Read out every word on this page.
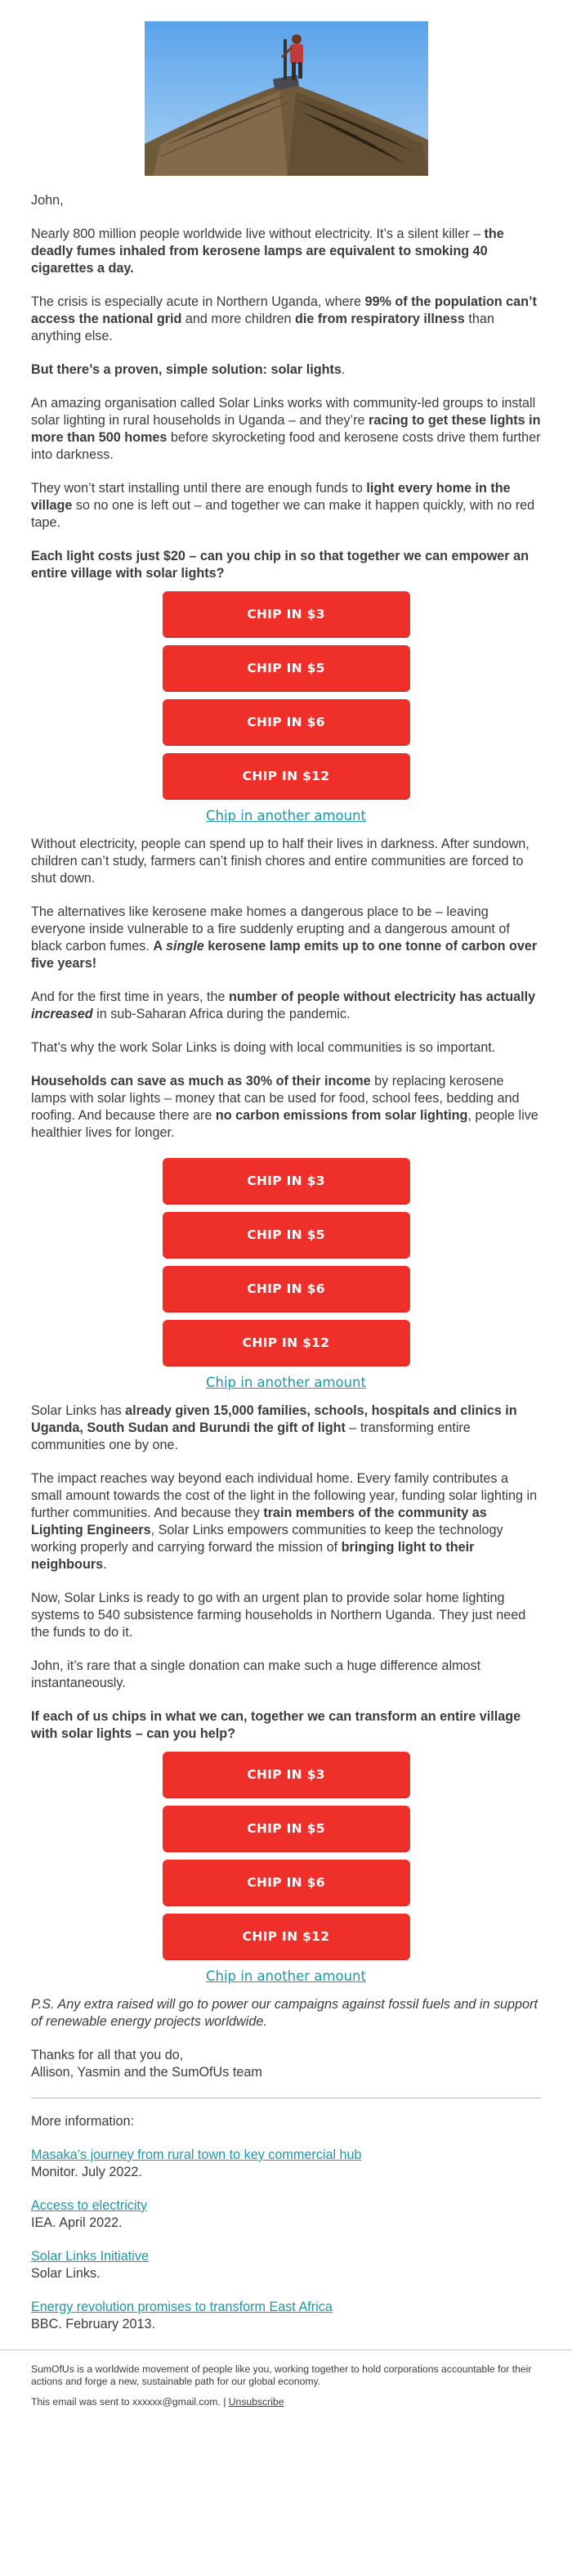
John,

Nearly 800 million people worldwide live without electricity. It’s a silent killer – the deadly fumes inhaled from kerosene lamps are equivalent to smoking 40 cigarettes a day.

The crisis is especially acute in Northern Uganda, where 99% of the population can’t access the national grid and more children die from respiratory illness than anything else.

But there’s a proven, simple solution: solar lights.

An amazing organisation called Solar Links works with community-led groups to install solar lighting in rural households in Uganda – and they’re racing to get these lights in more than 500 homes before skyrocketing food and kerosene costs drive them further into darkness.

They won’t start installing until there are enough funds to light every home in the village so no one is left out – and together we can make it happen quickly, with no red tape.

Each light costs just $20 – can you chip in so that together we can empower an entire village with solar lights?

CHIP IN $3
CHIP IN $5
CHIP IN $6
CHIP IN $12
Chip in another amount

Without electricity, people can spend up to half their lives in darkness. After sundown, children can’t study, farmers can’t finish chores and entire communities are forced to shut down.

The alternatives like kerosene make homes a dangerous place to be – leaving everyone inside vulnerable to a fire suddenly erupting and a dangerous amount of black carbon fumes. A single kerosene lamp emits up to one tonne of carbon over five years!

And for the first time in years, the number of people without electricity has actually increased in sub-Saharan Africa during the pandemic.

That’s why the work Solar Links is doing with local communities is so important.

Households can save as much as 30% of their income by replacing kerosene lamps with solar lights – money that can be used for food, school fees, bedding and roofing. And because there are no carbon emissions from solar lighting, people live healthier lives for longer.

CHIP IN $3
CHIP IN $5
CHIP IN $6
CHIP IN $12
Chip in another amount

Solar Links has already given 15,000 families, schools, hospitals and clinics in Uganda, South Sudan and Burundi the gift of light – transforming entire communities one by one.

The impact reaches way beyond each individual home. Every family contributes a small amount towards the cost of the light in the following year, funding solar lighting in further communities. And because they train members of the community as Lighting Engineers, Solar Links empowers communities to keep the technology working properly and carrying forward the mission of bringing light to their neighbours.

Now, Solar Links is ready to go with an urgent plan to provide solar home lighting systems to 540 subsistence farming households in Northern Uganda. They just need the funds to do it.

John, it’s rare that a single donation can make such a huge difference almost instantaneously.

If each of us chips in what we can, together we can transform an entire village with solar lights – can you help?

CHIP IN $3
CHIP IN $5
CHIP IN $6
CHIP IN $12
Chip in another amount

P.S. Any extra raised will go to power our campaigns against fossil fuels and in support of renewable energy projects worldwide.

Thanks for all that you do,
Allison, Yasmin and the SumOfUs team

More information:

Masaka’s journey from rural town to key commercial hub
Monitor. July 2022.
Access to electricity
IEA. April 2022.
Solar Links Initiative
Solar Links.
Energy revolution promises to transform East Africa
BBC. February 2013.

SumOfUs is a worldwide movement of people like you, working together to hold corporations accountable for their actions and forge a new, sustainable path for our global economy.

This email was sent to xxxxxx@gmail.com. | Unsubscribe
